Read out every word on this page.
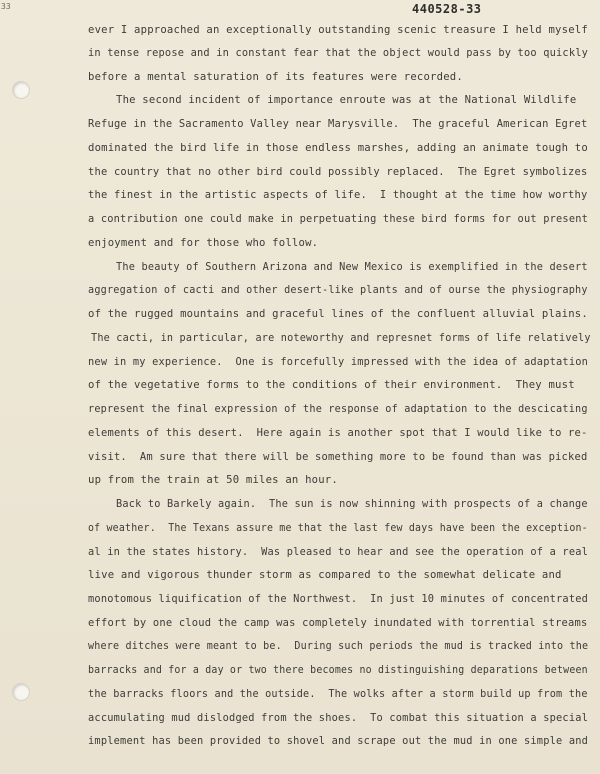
33	440528-33
ever I approached an exceptionally outstanding scenic treasure I held myself
in tense repose and in constant fear that the object would pass by too quickly
before a mental saturation of its features were recorded.
The second incident of importance enroute was at the National Wildlife
Refuge in the Sacramento Valley near Marysville.  The graceful American Egret
dominated the bird life in those endless marshes, adding an animate tough to
the country that no other bird could possibly replaced.  The Egret symbolizes
the finest in the artistic aspects of life.  I thought at the time how worthy
a contribution one could make in perpetuating these bird forms for out present
enjoyment and for those who follow.
The beauty of Southern Arizona and New Mexico is exemplified in the desert
aggregation of cacti and other desert-like plants and of ourse the physiography
of the rugged mountains and graceful lines of the confluent alluvial plains.
The cacti, in particular, are noteworthy and represnet forms of life relatively
new in my experience.  One is forcefully impressed with the idea of adaptation
of the vegetative forms to the conditions of their environment.  They must
represent the final expression of the response of adaptation to the descicating
elements of this desert.  Here again is another spot that I would like to re-
visit.  Am sure that there will be something more to be found than was picked
up from the train at 50 miles an hour.
Back to Barkely again.  The sun is now shinning with prospects of a change
of weather.  The Texans assure me that the last few days have been the exception-
al in the states history.  Was pleased to hear and see the operation of a real
live and vigorous thunder storm as compared to the somewhat delicate and
monotomous liquification of the Northwest.  In just 10 minutes of concentrated
effort by one cloud the camp was completely inundated with torrential streams
where ditches were meant to be.  During such periods the mud is tracked into the
barracks and for a day or two there becomes no distinguishing deparations between
the barracks floors and the outside.  The wolks after a storm build up from the
accumulating mud dislodged from the shoes.  To combat this situation a special
implement has been provided to shovel and scrape out the mud in one simple and
